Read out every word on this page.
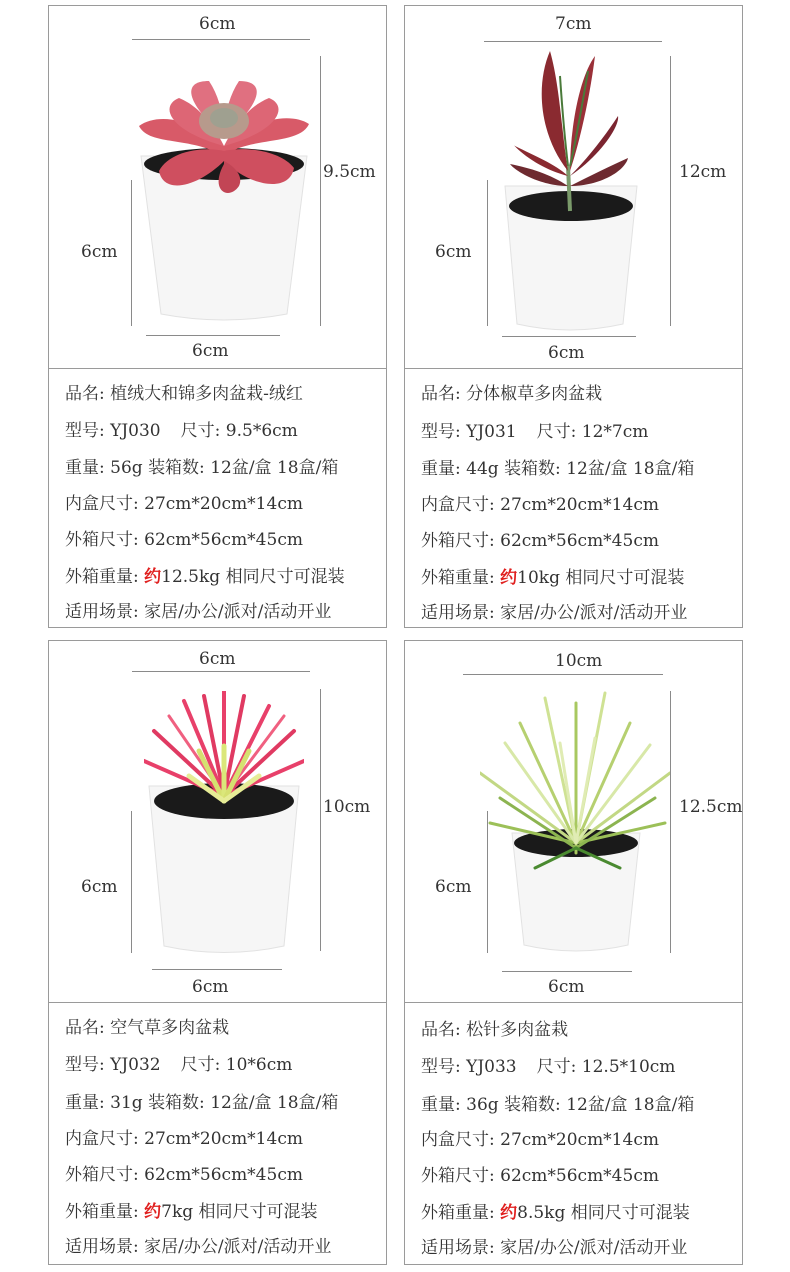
6cm
9.5cm
6cm
6cm
品名: 植绒大和锦多肉盆栽-绒红
型号: YJ030 尺寸: 9.5*6cm
重量: 56g 装箱数: 12盆/盒 18盒/箱
内盒尺寸: 27cm*20cm*14cm
外箱尺寸: 62cm*56cm*45cm
外箱重量: 约12.5kg 相同尺寸可混装
适用场景: 家居/办公/派对/活动开业
7cm
12cm
6cm
6cm
品名: 分体椒草多肉盆栽
型号: YJ031 尺寸: 12*7cm
重量: 44g 装箱数: 12盆/盒 18盒/箱
内盒尺寸: 27cm*20cm*14cm
外箱尺寸: 62cm*56cm*45cm
外箱重量: 约10kg 相同尺寸可混装
适用场景: 家居/办公/派对/活动开业
6cm
10cm
6cm
6cm
品名: 空气草多肉盆栽
型号: YJ032 尺寸: 10*6cm
重量: 31g 装箱数: 12盆/盒 18盒/箱
内盒尺寸: 27cm*20cm*14cm
外箱尺寸: 62cm*56cm*45cm
外箱重量: 约7kg 相同尺寸可混装
适用场景: 家居/办公/派对/活动开业
10cm
12.5cm
6cm
6cm
品名: 松针多肉盆栽
型号: YJ033 尺寸: 12.5*10cm
重量: 36g 装箱数: 12盆/盒 18盒/箱
内盒尺寸: 27cm*20cm*14cm
外箱尺寸: 62cm*56cm*45cm
外箱重量: 约8.5kg 相同尺寸可混装
适用场景: 家居/办公/派对/活动开业
